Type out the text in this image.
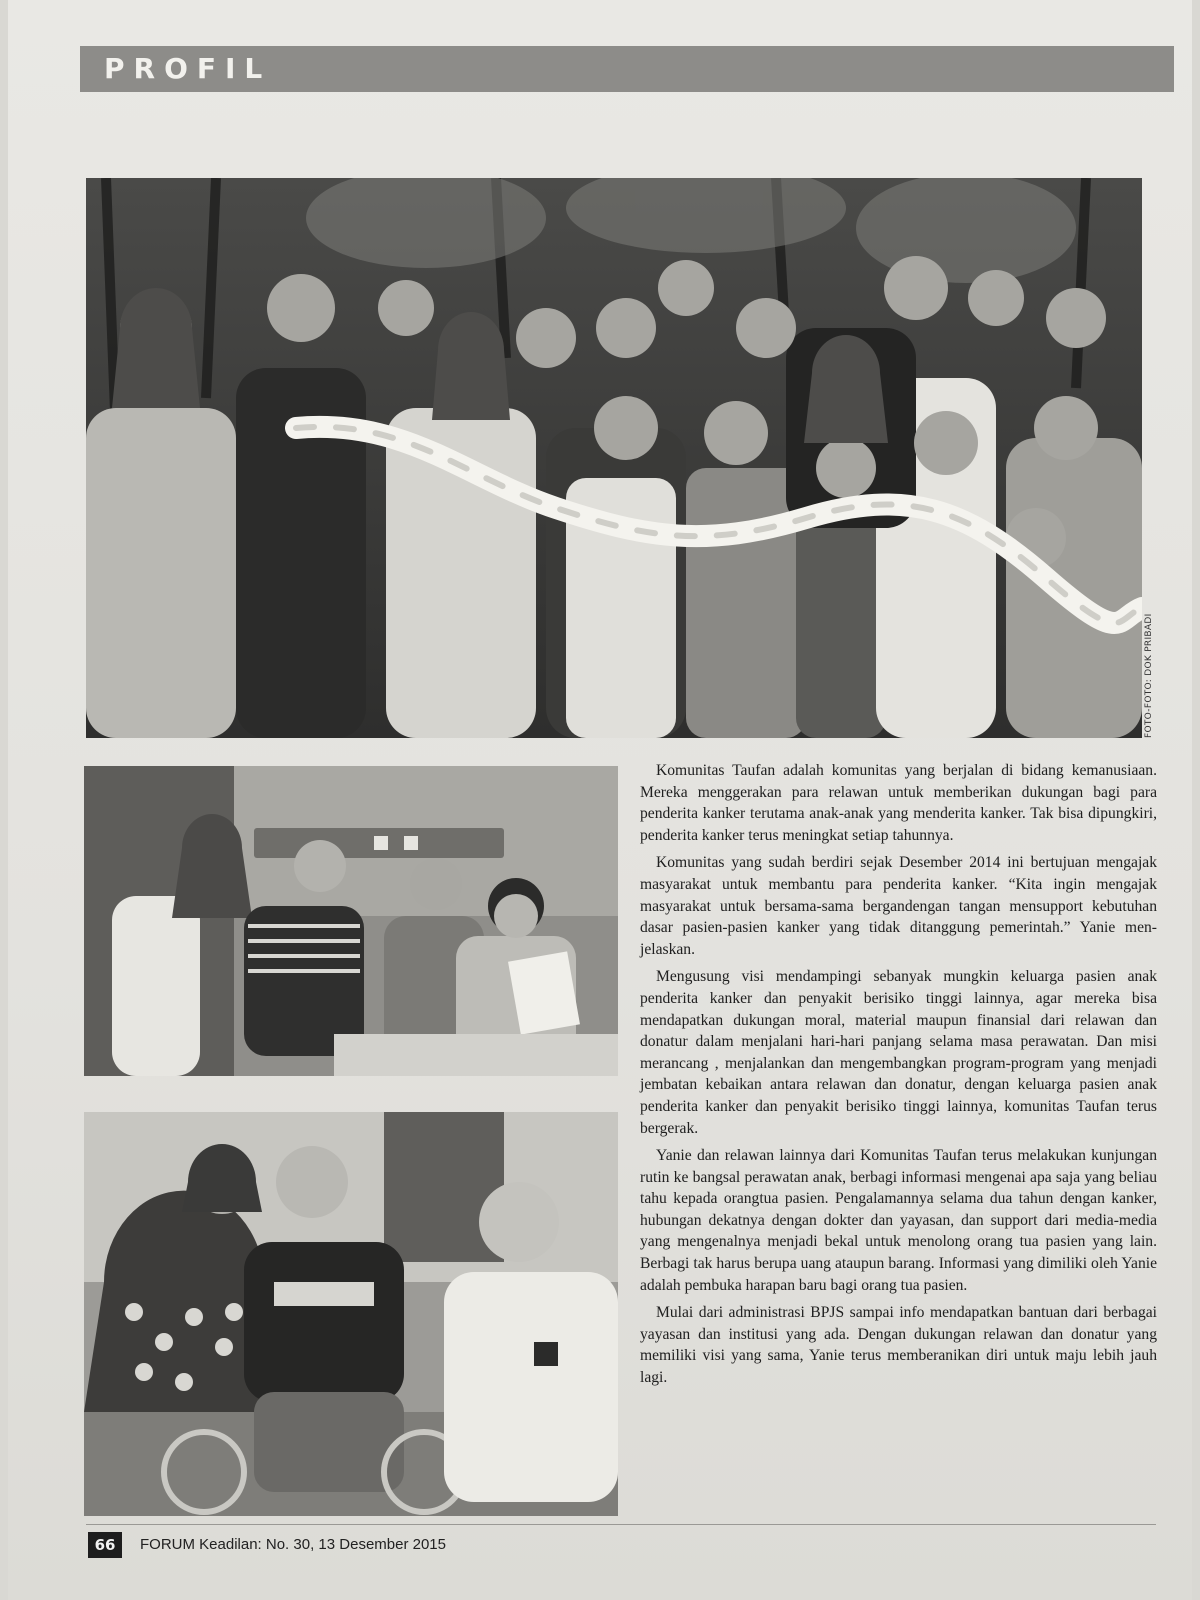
PROFIL
FOTO-FOTO: DOK PRIBADI

Komunitas Taufan adalah komunitas yang berjalan di bidang kemanusiaan. Mereka menggerakan para relawan untuk memberikan dukungan bagi para penderita kanker terutama anak-anak yang menderita kanker. Tak bisa dipungkiri, penderita kanker terus meningkat setiap tahunnya.

Komunitas yang sudah berdiri sejak Desember 2014 ini bertujuan mengajak masyarakat untuk membantu para penderita kanker. “Kita ingin mengajak masyarakat untuk bersama-sama bergandengan tangan mensupport kebutuhan dasar pasien-pasien kanker yang tidak ditanggung pemerintah.” Yanie menjelaskan.

Mengusung visi mendampingi sebanyak mungkin keluarga pasien anak penderita kanker dan penyakit berisiko tinggi lainnya, agar mereka bisa mendapatkan dukungan moral, material maupun finansial dari relawan dan donatur dalam menjalani hari-hari panjang selama masa perawatan. Dan misi merancang , menjalankan dan mengembangkan program-program yang menjadi jembatan kebaikan antara relawan dan donatur, dengan keluarga pasien anak penderita kanker dan penyakit berisiko tinggi lainnya, komunitas Taufan terus bergerak.

Yanie dan relawan lainnya dari Komunitas Taufan terus melakukan kunjungan rutin ke bangsal perawatan anak, berbagi informasi mengenai apa saja yang beliau tahu kepada orangtua pasien. Pengalamannya selama dua tahun dengan kanker, hubungan dekatnya dengan dokter dan yayasan, dan support dari media-media yang mengenalnya menjadi bekal untuk menolong orang tua pasien yang lain. Berbagi tak harus berupa uang ataupun barang. Informasi yang dimiliki oleh Yanie adalah pembuka harapan baru bagi orang tua pasien.

Mulai dari administrasi BPJS sampai info mendapatkan bantuan dari berbagai yayasan dan institusi yang ada. Dengan dukungan relawan dan donatur yang memiliki visi yang sama, Yanie terus memberanikan diri untuk maju lebih jauh lagi.

66	FORUM Keadilan: No. 30, 13 Desember 2015
